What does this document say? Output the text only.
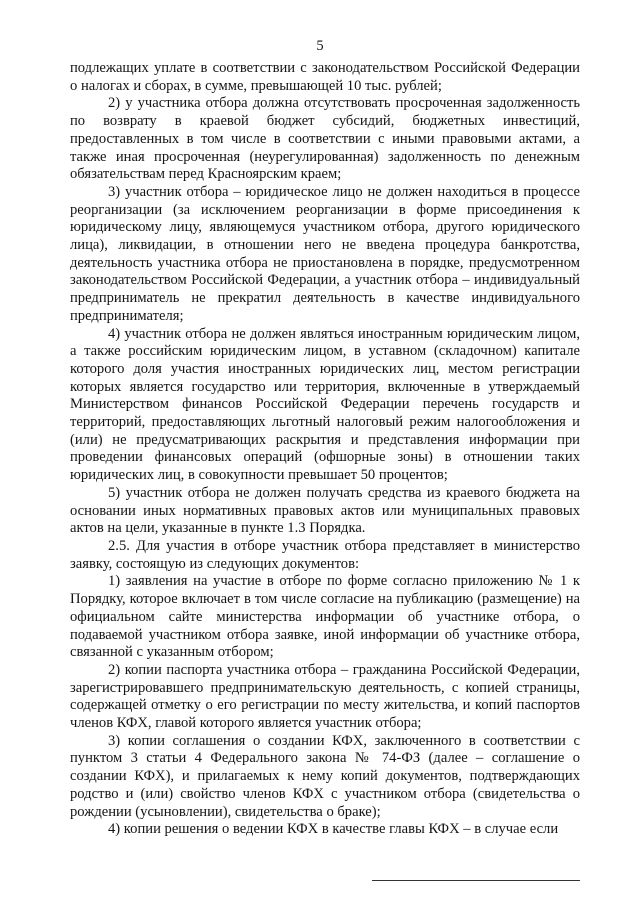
5

подлежащих уплате в соответствии с законодательством Российской Федерации о налогах и сборах, в сумме, превышающей 10 тыс. рублей;

2) у участника отбора должна отсутствовать просроченная задолженность по возврату в краевой бюджет субсидий, бюджетных инвестиций, предоставленных в том числе в соответствии с иными правовыми актами, а также иная просроченная (неурегулированная) задолженность по денежным обязательствам перед Красноярским краем;

3) участник отбора – юридическое лицо не должен находиться в процессе реорганизации (за исключением реорганизации в форме присоединения к юридическому лицу, являющемуся участником отбора, другого юридического лица), ликвидации, в отношении него не введена процедура банкротства, деятельность участника отбора не приостановлена в порядке, предусмотренном законодательством Российской Федерации, а участник отбора – индивидуальный предприниматель не прекратил деятельность в качестве индивидуального предпринимателя;

4) участник отбора не должен являться иностранным юридическим лицом, а также российским юридическим лицом, в уставном (складочном) капитале которого доля участия иностранных юридических лиц, местом регистрации которых является государство или территория, включенные в утверждаемый Министерством финансов Российской Федерации перечень государств и территорий, предоставляющих льготный налоговый режим налогообложения и (или) не предусматривающих раскрытия и представления информации при проведении финансовых операций (офшорные зоны) в отношении таких юридических лиц, в совокупности превышает 50 процентов;

5) участник отбора не должен получать средства из краевого бюджета на основании иных нормативных правовых актов или муниципальных правовых актов на цели, указанные в пункте 1.3 Порядка.

2.5. Для участия в отборе участник отбора представляет в министерство заявку, состоящую из следующих документов:

1) заявления на участие в отборе по форме согласно приложению № 1 к Порядку, которое включает в том числе согласие на публикацию (размещение) на официальном сайте министерства информации об участнике отбора, о подаваемой участником отбора заявке, иной информации об участнике отбора, связанной с указанным отбором;

2) копии паспорта участника отбора – гражданина Российской Федерации, зарегистрировавшего предпринимательскую деятельность, с копией страницы, содержащей отметку о его регистрации по месту жительства, и копий паспортов членов КФХ, главой которого является участник отбора;

3) копии соглашения о создании КФХ, заключенного в соответствии с пунктом 3 статьи 4 Федерального закона № 74-ФЗ (далее – соглашение о создании КФХ), и прилагаемых к нему копий документов, подтверждающих родство и (или) свойство членов КФХ с участником отбора (свидетельства о рождении (усыновлении), свидетельства о браке);

4) копии решения о ведении КФХ в качестве главы КФХ – в случае если
